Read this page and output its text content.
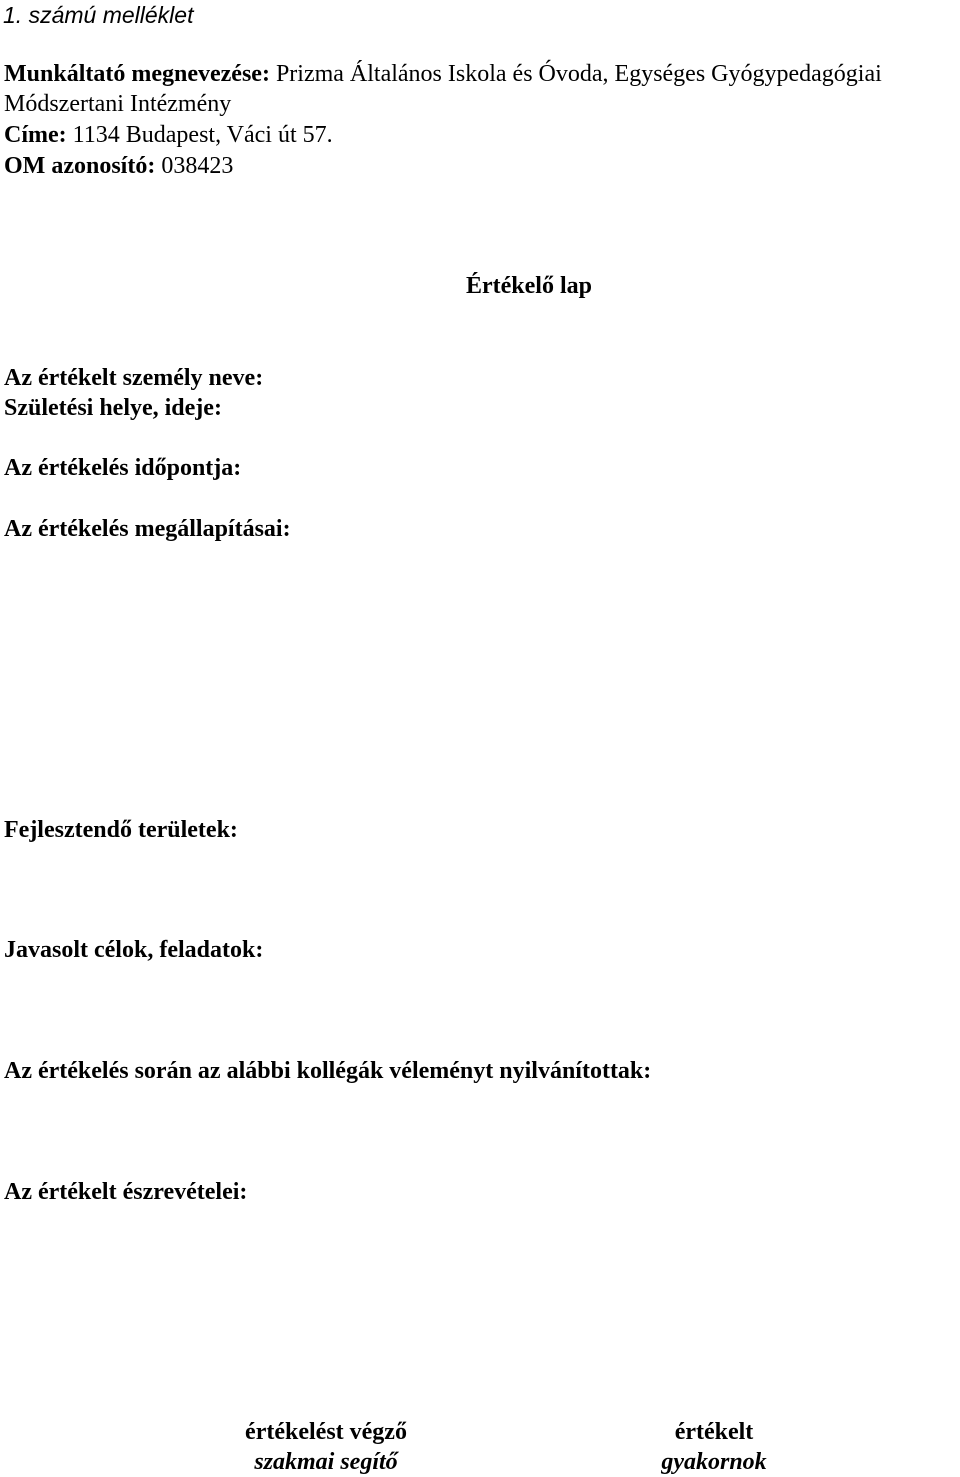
1. számú melléklet
Munkáltató megnevezése: Prizma Általános Iskola és Óvoda, Egységes Gyógypedagógiai
Módszertani Intézmény
Címe: 1134 Budapest, Váci út 57.
OM azonosító: 038423
Értékelő lap
Az értékelt személy neve:
Születési helye, ideje:
Az értékelés időpontja:
Az értékelés megállapításai:
Fejlesztendő területek:
Javasolt célok, feladatok:
Az értékelés során az alábbi kollégák véleményt nyilvánítottak:
Az értékelt észrevételei:
értékelést végző
szakmai segítő
értékelt
gyakornok
